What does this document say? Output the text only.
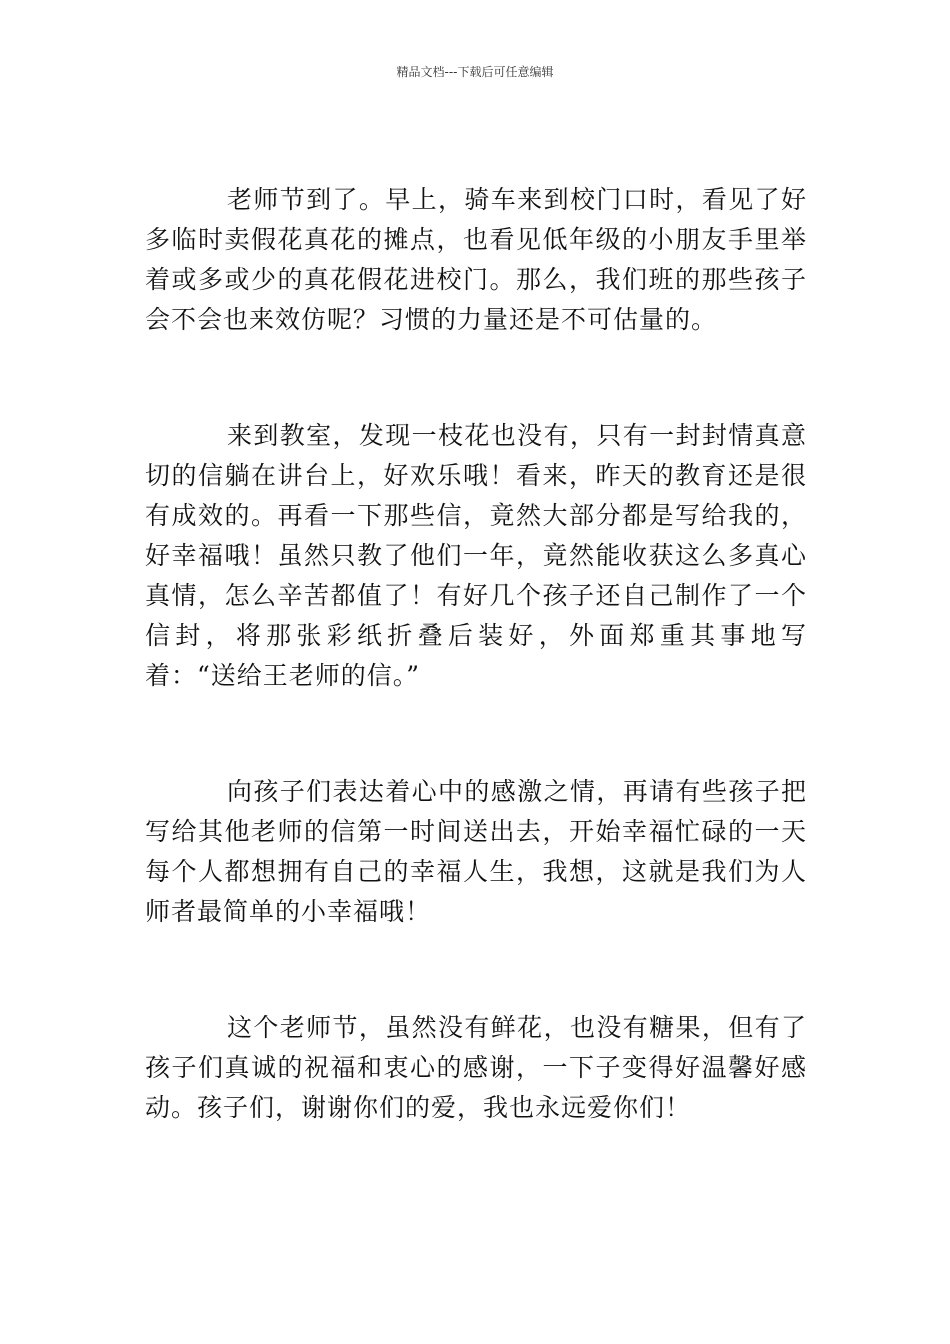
精品文档---下载后可任意编辑

老师节到了。早上，骑车来到校门口时，看见了好多临时卖假花真花的摊点，也看见低年级的小朋友手里举着或多或少的真花假花进校门。那么，我们班的那些孩子会不会也来效仿呢？习惯的力量还是不可估量的。

来到教室，发现一枝花也没有，只有一封封情真意切的信躺在讲台上，好欢乐哦！看来，昨天的教育还是很有成效的。再看一下那些信，竟然大部分都是写给我的，好幸福哦！虽然只教了他们一年，竟然能收获这么多真心真情，怎么辛苦都值了！有好几个孩子还自己制作了一个信封，将那张彩纸折叠后装好，外面郑重其事地写着：“送给王老师的信。”

向孩子们表达着心中的感激之情，再请有些孩子把写给其他老师的信第一时间送出去，开始幸福忙碌的一天每个人都想拥有自己的幸福人生，我想，这就是我们为人师者最简单的小幸福哦！

这个老师节，虽然没有鲜花，也没有糖果，但有了孩子们真诚的祝福和衷心的感谢，一下子变得好温馨好感动。孩子们，谢谢你们的爱，我也永远爱你们！
